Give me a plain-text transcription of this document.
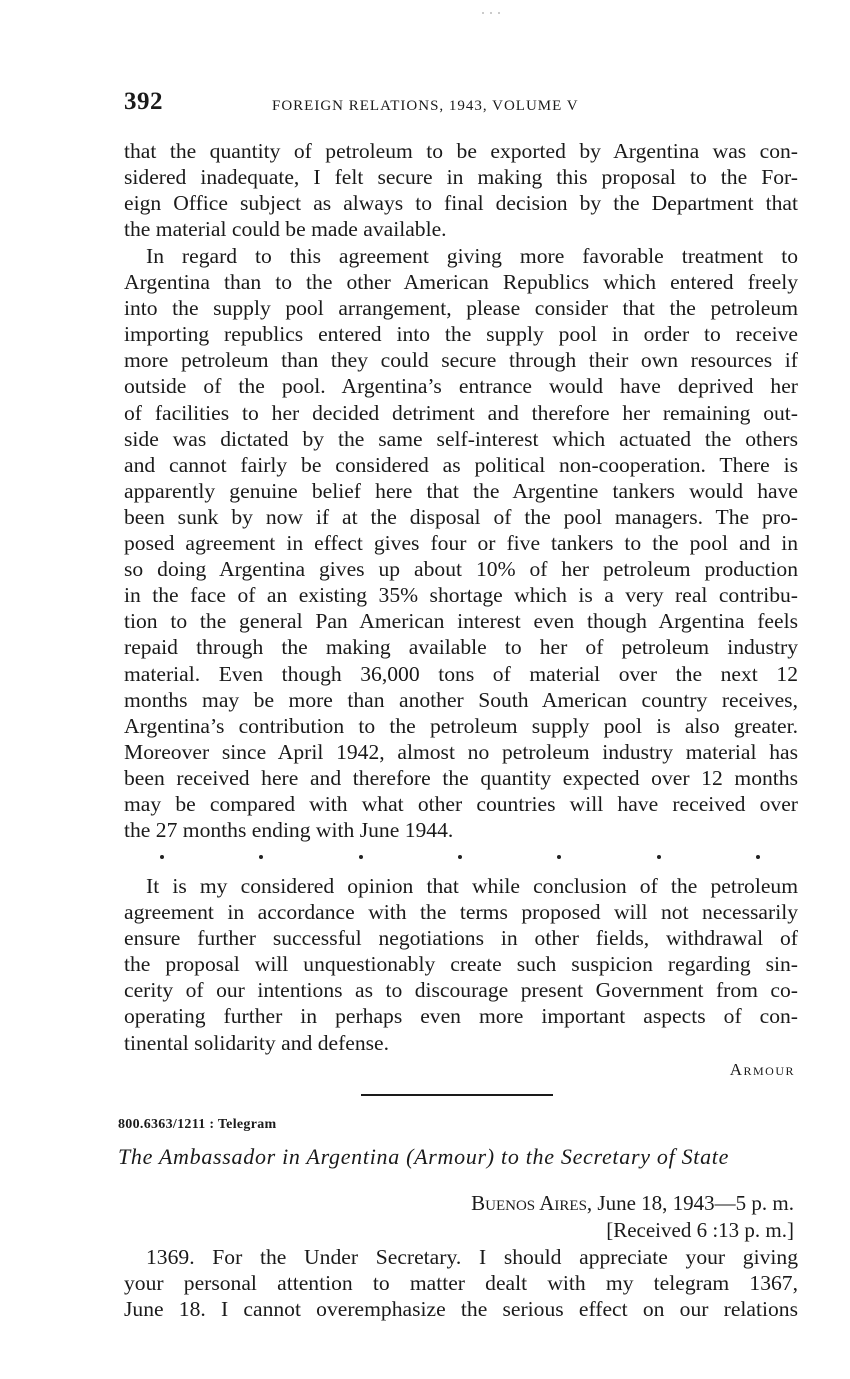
392	FOREIGN RELATIONS, 1943, VOLUME V

that the quantity of petroleum to be exported by Argentina was con-
sidered inadequate, I felt secure in making this proposal to the For-
eign Office subject as always to final decision by the Department that
the material could be made available.

In regard to this agreement giving more favorable treatment to
Argentina than to the other American Republics which entered freely
into the supply pool arrangement, please consider that the petroleum
importing republics entered into the supply pool in order to receive
more petroleum than they could secure through their own resources if
outside of the pool. Argentina’s entrance would have deprived her
of facilities to her decided detriment and therefore her remaining out-
side was dictated by the same self-interest which actuated the others
and cannot fairly be considered as political non-cooperation. There is
apparently genuine belief here that the Argentine tankers would have
been sunk by now if at the disposal of the pool managers. The pro-
posed agreement in effect gives four or five tankers to the pool and in
so doing Argentina gives up about 10% of her petroleum production
in the face of an existing 35% shortage which is a very real contribu-
tion to the general Pan American interest even though Argentina feels
repaid through the making available to her of petroleum industry
material. Even though 36,000 tons of material over the next 12
months may be more than another South American country receives,
Argentina’s contribution to the petroleum supply pool is also greater.
Moreover since April 1942, almost no petroleum industry material has
been received here and therefore the quantity expected over 12 months
may be compared with what other countries will have received over
the 27 months ending with June 1944.

It is my considered opinion that while conclusion of the petroleum
agreement in accordance with the terms proposed will not necessarily
ensure further successful negotiations in other fields, withdrawal of
the proposal will unquestionably create such suspicion regarding sin-
cerity of our intentions as to discourage present Government from co-
operating further in perhaps even more important aspects of con-
tinental solidarity and defense.

Armour
800.6363/1211 : Telegram
The Ambassador in Argentina (Armour) to the Secretary of State
Buenos Aires, June 18, 1943—5 p. m.
[Received 6 :13 p. m.]

1369. For the Under Secretary. I should appreciate your giving
your personal attention to matter dealt with my telegram 1367,
June 18. I cannot overemphasize the serious effect on our relations
